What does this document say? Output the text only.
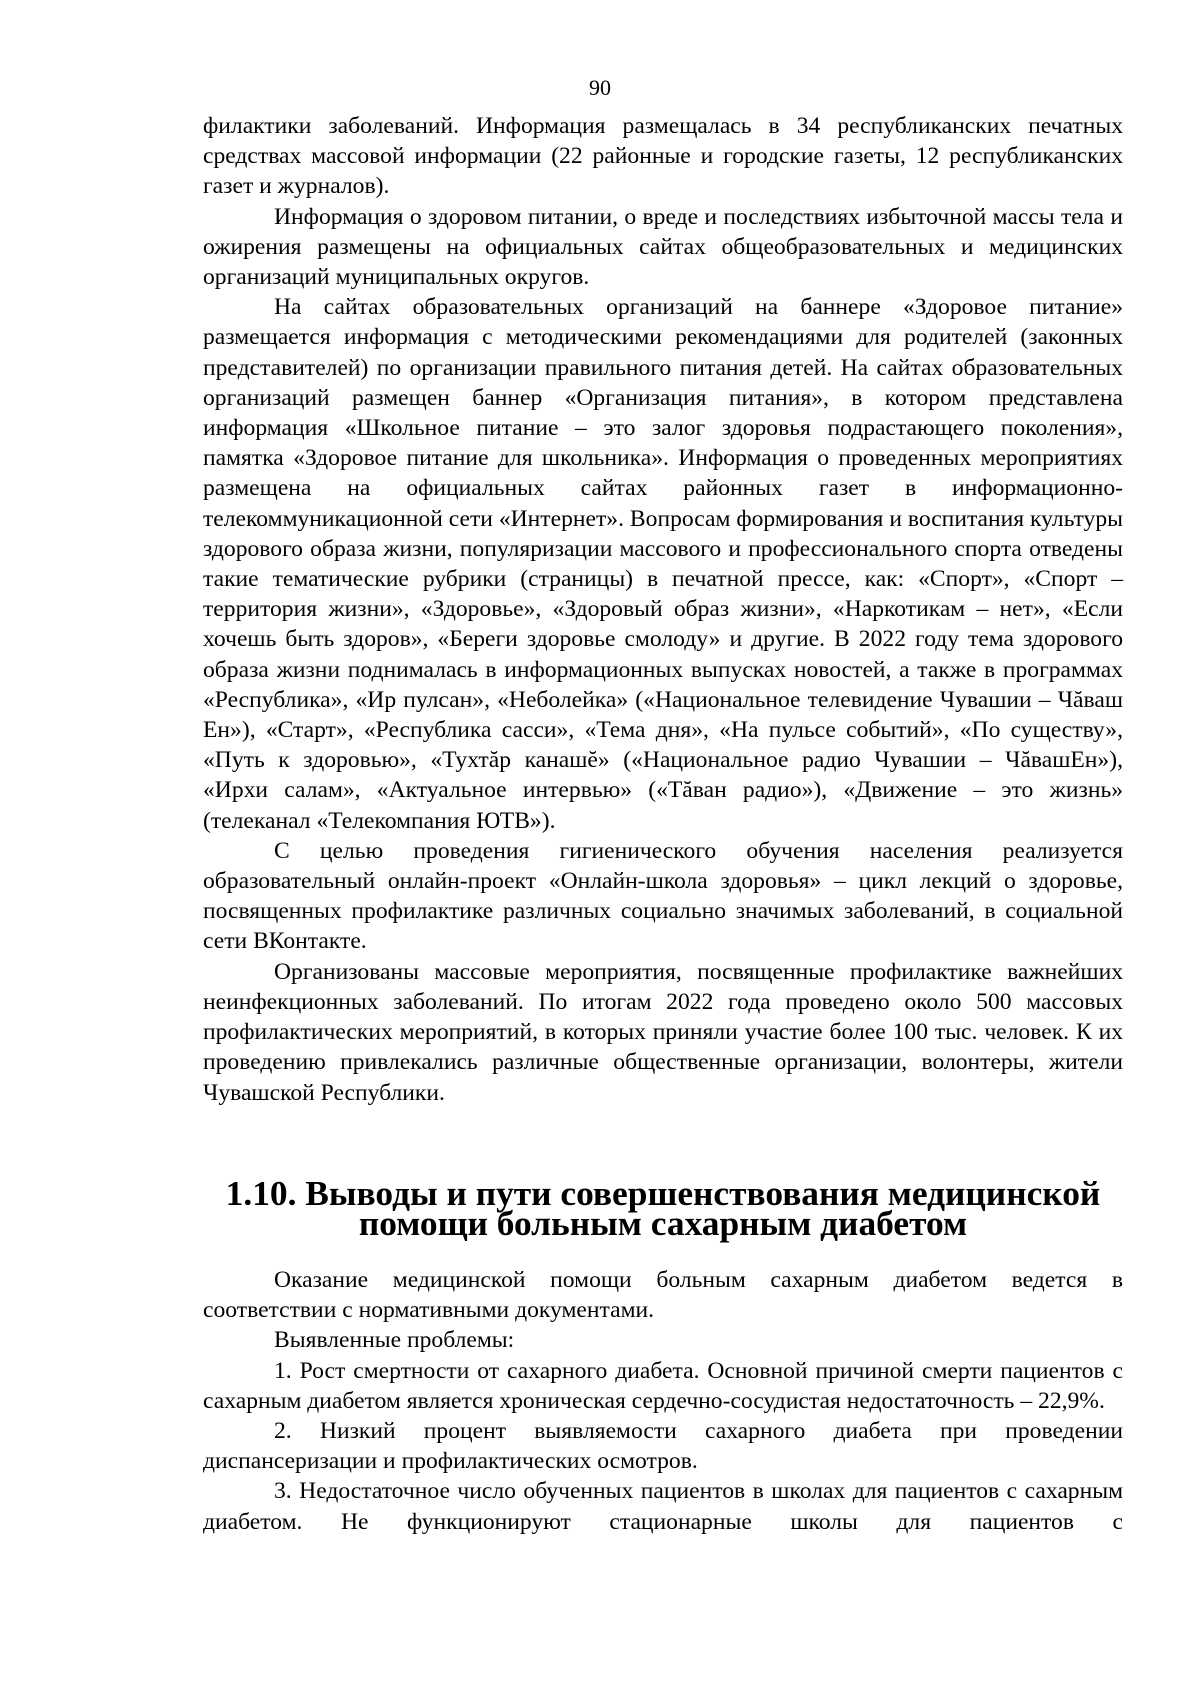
90

филактики заболеваний. Информация размещалась в 34 республиканских печатных средствах массовой информации (22 районные и городские газеты, 12 республиканских газет и журналов).

Информация о здоровом питании, о вреде и последствиях избыточной массы тела и ожирения размещены на официальных сайтах общеобразовательных и медицинских организаций муниципальных округов.

На сайтах образовательных организаций на баннере «Здоровое питание» размещается информация с методическими рекомендациями для родителей (законных представителей) по организации правильного питания детей. На сайтах образовательных организаций размещен баннер «Организация питания», в котором представлена информация «Школьное питание – это залог здоровья подрастающего поколения», памятка «Здоровое питание для школьника». Информация о проведенных мероприятиях размещена на официальных сайтах районных газет в информационно-телекоммуникационной сети «Интернет». Вопросам формирования и воспитания культуры здорового образа жизни, популяризации массового и профессионального спорта отведены такие тематические рубрики (страницы) в печатной прессе, как: «Спорт», «Спорт – территория жизни», «Здоровье», «Здоровый образ жизни», «Наркотикам – нет», «Если хочешь быть здоров», «Береги здоровье смолоду» и другие. В 2022 году тема здорового образа жизни поднималась в информационных выпусках новостей, а также в программах «Республика», «Ир пулсан», «Неболейка» («Национальное телевидение Чувашии – Чăваш Ен»), «Старт», «Республика сасси», «Тема дня», «На пульсе событий», «По существу», «Путь к здоровью», «Тухтăр канашĕ» («Национальное радио Чувашии – ЧăвашЕн»), «Ирхи салам», «Актуальное интервью» («Тăван радио»), «Движение – это жизнь» (телеканал «Телекомпания ЮТВ»).

С целью проведения гигиенического обучения населения реализуется образовательный онлайн-проект «Онлайн-школа здоровья» – цикл лекций о здоровье, посвященных профилактике различных социально значимых заболеваний, в социальной сети ВКонтакте.

Организованы массовые мероприятия, посвященные профилактике важнейших неинфекционных заболеваний. По итогам 2022 года проведено около 500 массовых профилактических мероприятий, в которых приняли участие более 100 тыс. человек. К их проведению привлекались различные общественные организации, волонтеры, жители Чувашской Республики.

1.10. Выводы и пути совершенствования медицинской
помощи больным сахарным диабетом

Оказание медицинской помощи больным сахарным диабетом ведется в соответствии с нормативными документами.

Выявленные проблемы:

1. Рост смертности от сахарного диабета. Основной причиной смерти пациентов с сахарным диабетом является хроническая сердечно-сосудистая недостаточность – 22,9%.

2. Низкий процент выявляемости сахарного диабета при проведении диспансеризации и профилактических осмотров.

3. Недостаточное число обученных пациентов в школах для пациентов с сахарным диабетом. Не функционируют стационарные школы для пациентов с
